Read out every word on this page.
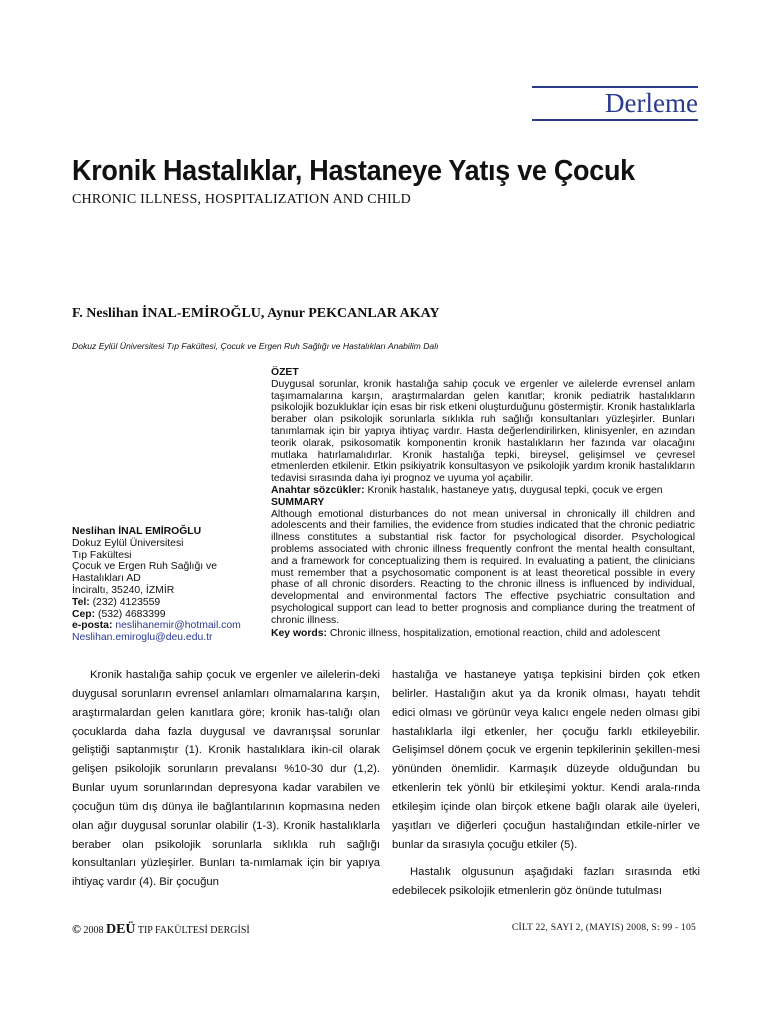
Derleme
Kronik Hastalıklar, Hastaneye Yatış ve Çocuk
CHRONIC ILLNESS, HOSPITALIZATION AND CHILD
F. Neslihan İNAL-EMİROĞLU, Aynur PEKCANLAR AKAY
Dokuz Eylül Üniversitesi Tıp Fakültesi, Çocuk ve Ergen Ruh Sağlığı ve Hastalıkları Anabilim Dalı
ÖZET

Duygusal sorunlar, kronik hastalığa sahip çocuk ve ergenler ve ailelerde evrensel anlam taşımamalarına karşın, araştırmalardan gelen kanıtlar; kronik pediatrik hastalıkların psikolojik bozukluklar için esas bir risk etkeni oluşturduğunu göstermiştir. Kronik hastalıklarla beraber olan psikolojik sorunlarla sıklıkla ruh sağlığı konsultanları yüzleşirler. Bunları tanımlamak için bir yapıya ihtiyaç vardır. Hasta değerlendirilirken, klinisyenler, en azından teorik olarak, psikosomatik komponentin kronik hastalıkların her fazında var olacağını mutlaka hatırlamalıdırlar. Kronik hastalığa tepki, bireysel, gelişimsel ve çevresel etmenlerden etkilenir. Etkin psikiyatrik konsultasyon ve psikolojik yardım kronik hastalıkların tedavisi sırasında daha iyi prognoz ve uyuma yol açabilir.

Anahtar sözcükler: Kronik hastalık, hastaneye yatış, duygusal tepki, çocuk ve ergen

SUMMARY

Although emotional disturbances do not mean universal in chronically ill children and adolescents and their families, the evidence from studies indicated that the chronic pediatric illness constitutes a substantial risk factor for psychological disorder. Psychological problems associated with chronic illness frequently confront the mental health consultant, and a framework for conceptualizing them is required. In evaluating a patient, the clinicians must remember that a psychosomatic component is at least theoretical possible in every phase of all chronic disorders. Reacting to the chronic illness is influenced by individual, developmental and environmental factors The effective psychiatric consultation and psychological support can lead to better prognosis and compliance during the treatment of chronic illness.

Key words: Chronic illness, hospitalization, emotional reaction, child and adolescent

Neslihan İNAL EMİROĞLU
Dokuz Eylül Üniversitesi
Tıp Fakültesi
Çocuk ve Ergen Ruh Sağlığı ve
Hastalıkları AD
İnciraltı, 35240, İZMİR
Tel: (232) 4123559
Cep: (532) 4683399
e-posta: neslihanemir@hotmail.com
Neslihan.emiroglu@deu.edu.tr

Kronik hastalığa sahip çocuk ve ergenler ve ailelerin-deki duygusal sorunların evrensel anlamları olmamalarına karşın, araştırmalardan gelen kanıtlara göre; kronik has-talığı olan çocuklarda daha fazla duygusal ve davranışsal sorunlar geliştiği saptanmıştır (1). Kronik hastalıklara ikin-cil olarak gelişen psikolojik sorunların prevalansı %10-30 dur (1,2). Bunlar uyum sorunlarından depresyona kadar varabilen ve çocuğun tüm dış dünya ile bağlantılarının kopmasına neden olan ağır duygusal sorunlar olabilir (1-3). Kronik hastalıklarla beraber olan psikolojik sorunlarla sıklıkla ruh sağlığı konsultanları yüzleşirler. Bunları ta-nımlamak için bir yapıya ihtiyaç vardır (4). Bir çocuğun

hastalığa ve hastaneye yatışa tepkisini birden çok etken belirler. Hastalığın akut ya da kronik olması, hayatı tehdit edici olması ve görünür veya kalıcı engele neden olması gibi hastalıklarla ilgi etkenler, her çocuğu farklı etkileyebilir. Gelişimsel dönem çocuk ve ergenin tepkilerinin şekillen-mesi yönünden önemlidir. Karmaşık düzeyde olduğundan bu etkenlerin tek yönlü bir etkileşimi yoktur. Kendi arala-rında etkileşim içinde olan birçok etkene bağlı olarak aile üyeleri, yaşıtları ve diğerleri çocuğun hastalığından etkile-nirler ve bunlar da sırasıyla çocuğu etkiler (5).

Hastalık olgusunun aşağıdaki fazları sırasında etki edebilecek psikolojik etmenlerin göz önünde tutulması

© 2008 DEÜ TIP FAKÜLTESİ DERGİSİ	CİLT 22, SAYI 2, (MAYIS) 2008, S: 99 - 105
